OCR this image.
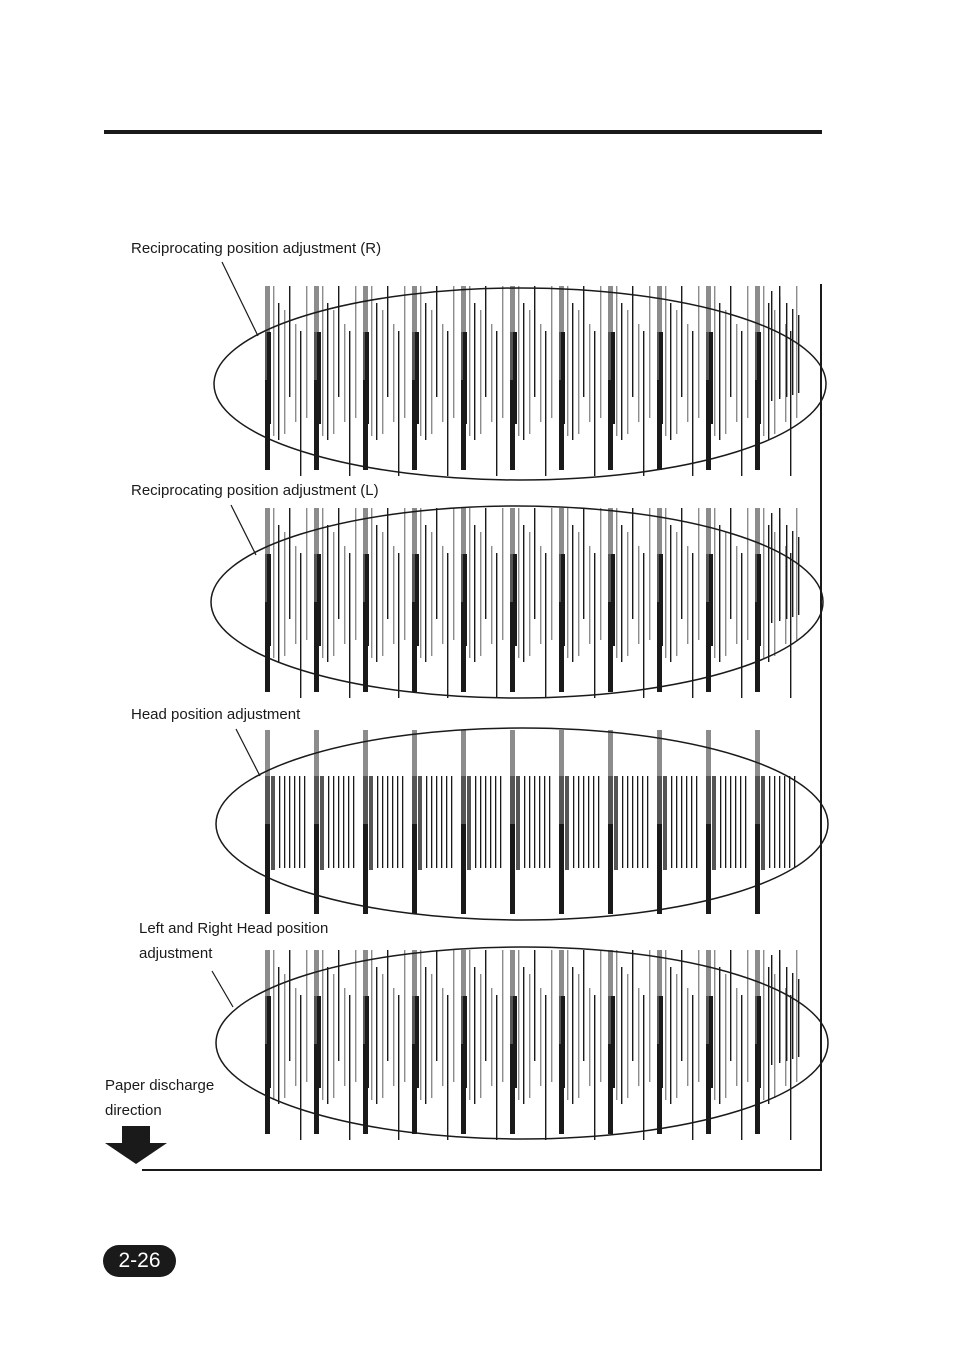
Reciprocating position adjustment (R)
Reciprocating position adjustment (L)
Head position adjustment
Left and Right Head position
adjustment
Paper discharge
direction
2-26
